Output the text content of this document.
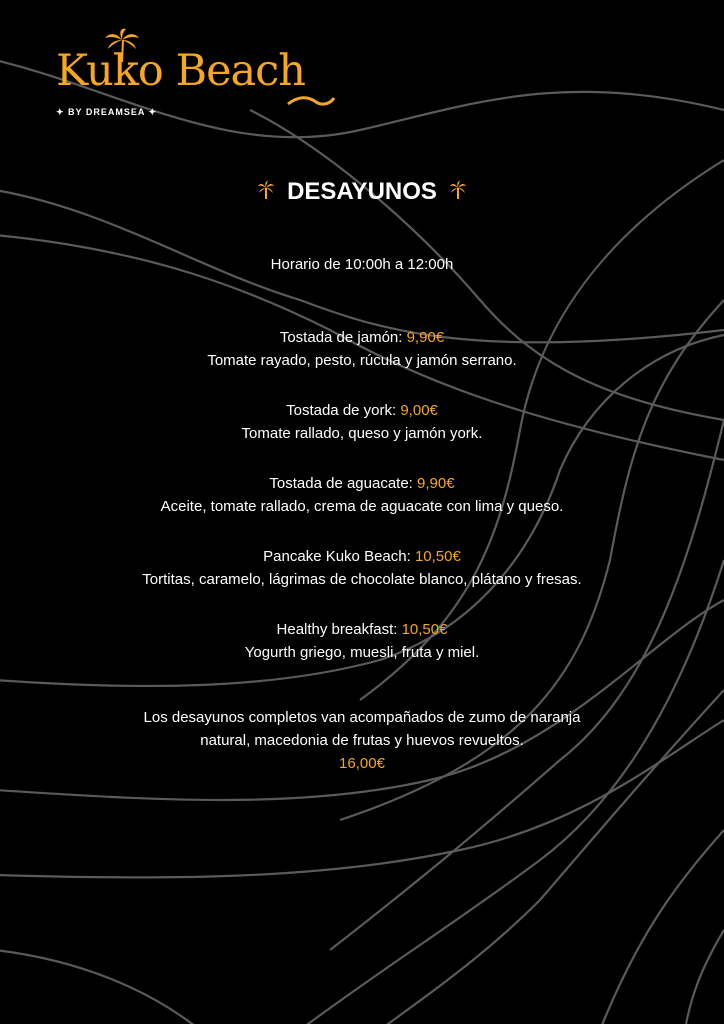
Kuko Beach
✦ BY DREAMSEA ✦
DESAYUNOS
Horario de 10:00h a 12:00h
Tostada de jamón: 9,90€
Tomate rayado, pesto, rúcula y jamón serrano.
Tostada de york: 9,00€
Tomate rallado, queso y jamón york.
Tostada de aguacate: 9,90€
Aceite, tomate rallado, crema de aguacate con lima y queso.
Pancake Kuko Beach: 10,50€
Tortitas, caramelo, lágrimas de chocolate blanco, plátano y fresas.
Healthy breakfast: 10,50€
Yogurth griego, muesli, fruta y miel.
Los desayunos completos van acompañados de zumo de naranja
natural, macedonia de frutas y huevos revueltos.
16,00€
